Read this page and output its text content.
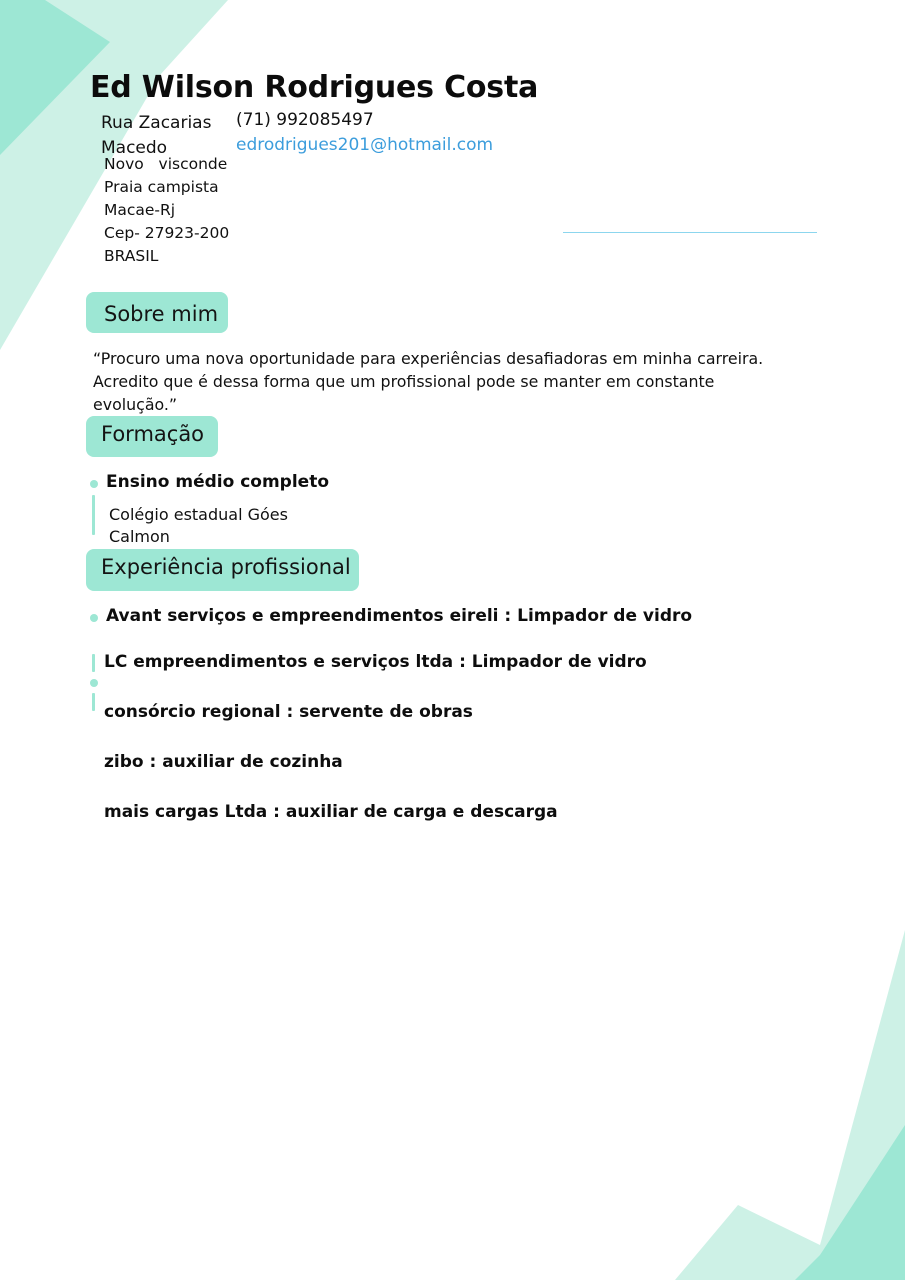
Ed Wilson Rodrigues Costa
Rua Zacarias Macedo
(71) 992085497
edrodrigues201@hotmail.com
Novo   visconde
Praia campista
Macae-Rj
Cep- 27923-200
BRASIL
Sobre mim
“Procuro uma nova oportunidade para experiências desafiadoras em minha carreira. Acredito que é dessa forma que um profissional pode se manter em constante evolução.”
Formação
Ensino médio completo
Colégio estadual Góes
Calmon
Experiência profissional
Avant serviços e empreendimentos eireli : Limpador de vidro
LC empreendimentos e serviços ltda : Limpador de vidro
consórcio regional : servente de obras
zibo : auxiliar de cozinha
mais cargas Ltda : auxiliar de carga e descarga
